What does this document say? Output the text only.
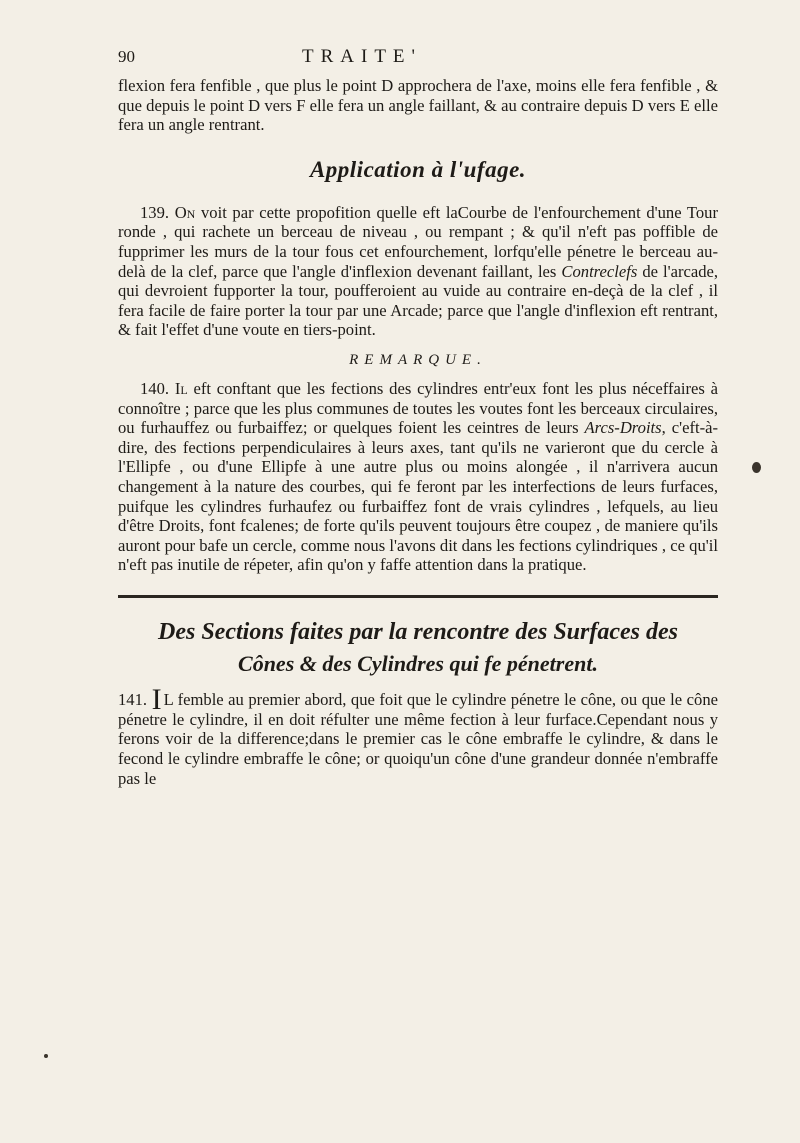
90	TRAITE'

flexion fera fenfible , que plus le point D approchera de l'axe, moins elle fera fenfible , & que depuis le point D vers F elle fera un angle faillant, & au contraire depuis D vers E elle fera un angle rentrant.

Application à l'ufage.

139. On voit par cette propofition quelle eft laCourbe de l'enfourchement d'une Tour ronde , qui rachete un berceau de niveau , ou rempant ; & qu'il n'eft pas poffible de fupprimer les murs de la tour fous cet enfourchement, lorfqu'elle pénetre le berceau au-delà de la clef, parce que l'angle d'inflexion devenant faillant, les Contreclefs de l'arcade, qui devroient fupporter la tour, poufferoient au vuide au contraire en-deçà de la clef , il fera facile de faire porter la tour par une Arcade; parce que l'angle d'inflexion eft rentrant, & fait l'effet d'une voute en tiers-point.

REMARQUE.

140. Il eft conftant que les fections des cylindres entr'eux font les plus néceffaires à connoître ; parce que les plus communes de toutes les voutes font les berceaux circulaires, ou furhauffez ou furbaiffez; or quelques foient les ceintres de leurs Arcs-Droits, c'eft-à-dire, des fections perpendiculaires à leurs axes, tant qu'ils ne varieront que du cercle à l'Ellipfe , ou d'une Ellipfe à une autre plus ou moins alongée , il n'arrivera aucun changement à la nature des courbes, qui fe feront par les interfections de leurs furfaces, puifque les cylindres furhaufez ou furbaiffez font de vrais cylindres , lefquels, au lieu d'être Droits, font fcalenes; de forte qu'ils peuvent toujours être coupez , de maniere qu'ils auront pour bafe un cercle, comme nous l'avons dit dans les fections cylindriques , ce qu'il n'eft pas inutile de répeter, afin qu'on y faffe attention dans la pratique.

Des Sections faites par la rencontre des Surfaces des
Cônes & des Cylindres qui fe pénetrent.

141. I L femble au premier abord, que foit que le cylindre pénetre le cône, ou que le cône pénetre le cylindre, il en doit réfulter une même fection à leur furface.Cependant nous y ferons voir de la difference;dans le premier cas le cône embraffe le cylindre, & dans le fecond le cylindre embraffe le cône; or quoiqu'un cône d'une grandeur donnée n'embraffe pas le
